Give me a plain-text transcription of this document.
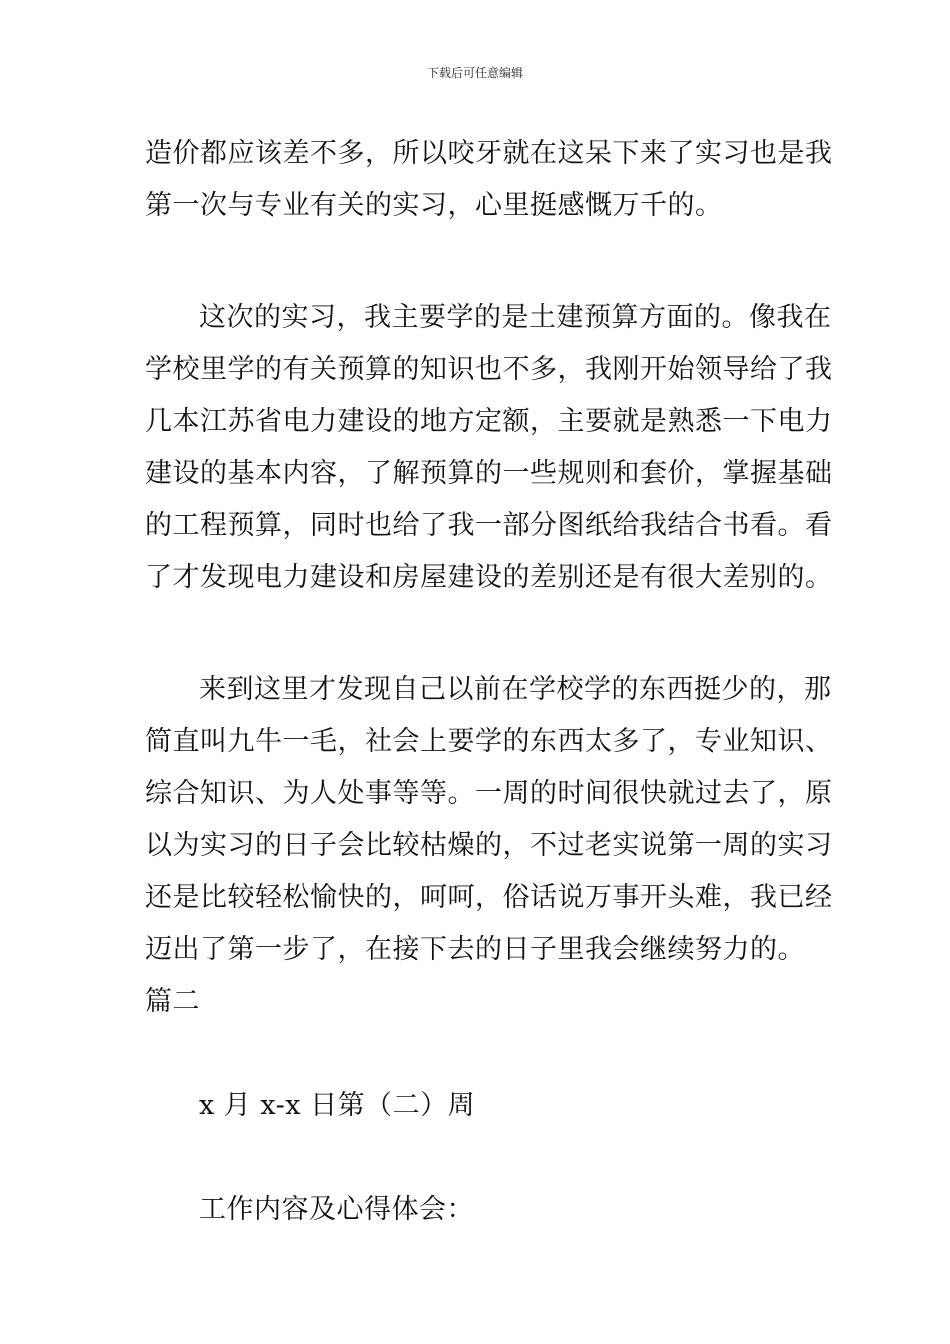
下载后可任意编辑
造价都应该差不多，所以咬牙就在这呆下来了实习也是我
第一次与专业有关的实习，心里挺感慨万千的。
这次的实习，我主要学的是土建预算方面的。像我在
学校里学的有关预算的知识也不多，我刚开始领导给了我
几本江苏省电力建设的地方定额，主要就是熟悉一下电力
建设的基本内容，了解预算的一些规则和套价，掌握基础
的工程预算，同时也给了我一部分图纸给我结合书看。看
了才发现电力建设和房屋建设的差别还是有很大差别的。
来到这里才发现自己以前在学校学的东西挺少的，那
简直叫九牛一毛，社会上要学的东西太多了，专业知识、
综合知识、为人处事等等。一周的时间很快就过去了，原
以为实习的日子会比较枯燥的，不过老实说第一周的实习
还是比较轻松愉快的，呵呵，俗话说万事开头难，我已经
迈出了第一步了，在接下去的日子里我会继续努力的。
篇二
x 月 x-x 日第（二）周
工作内容及心得体会：
